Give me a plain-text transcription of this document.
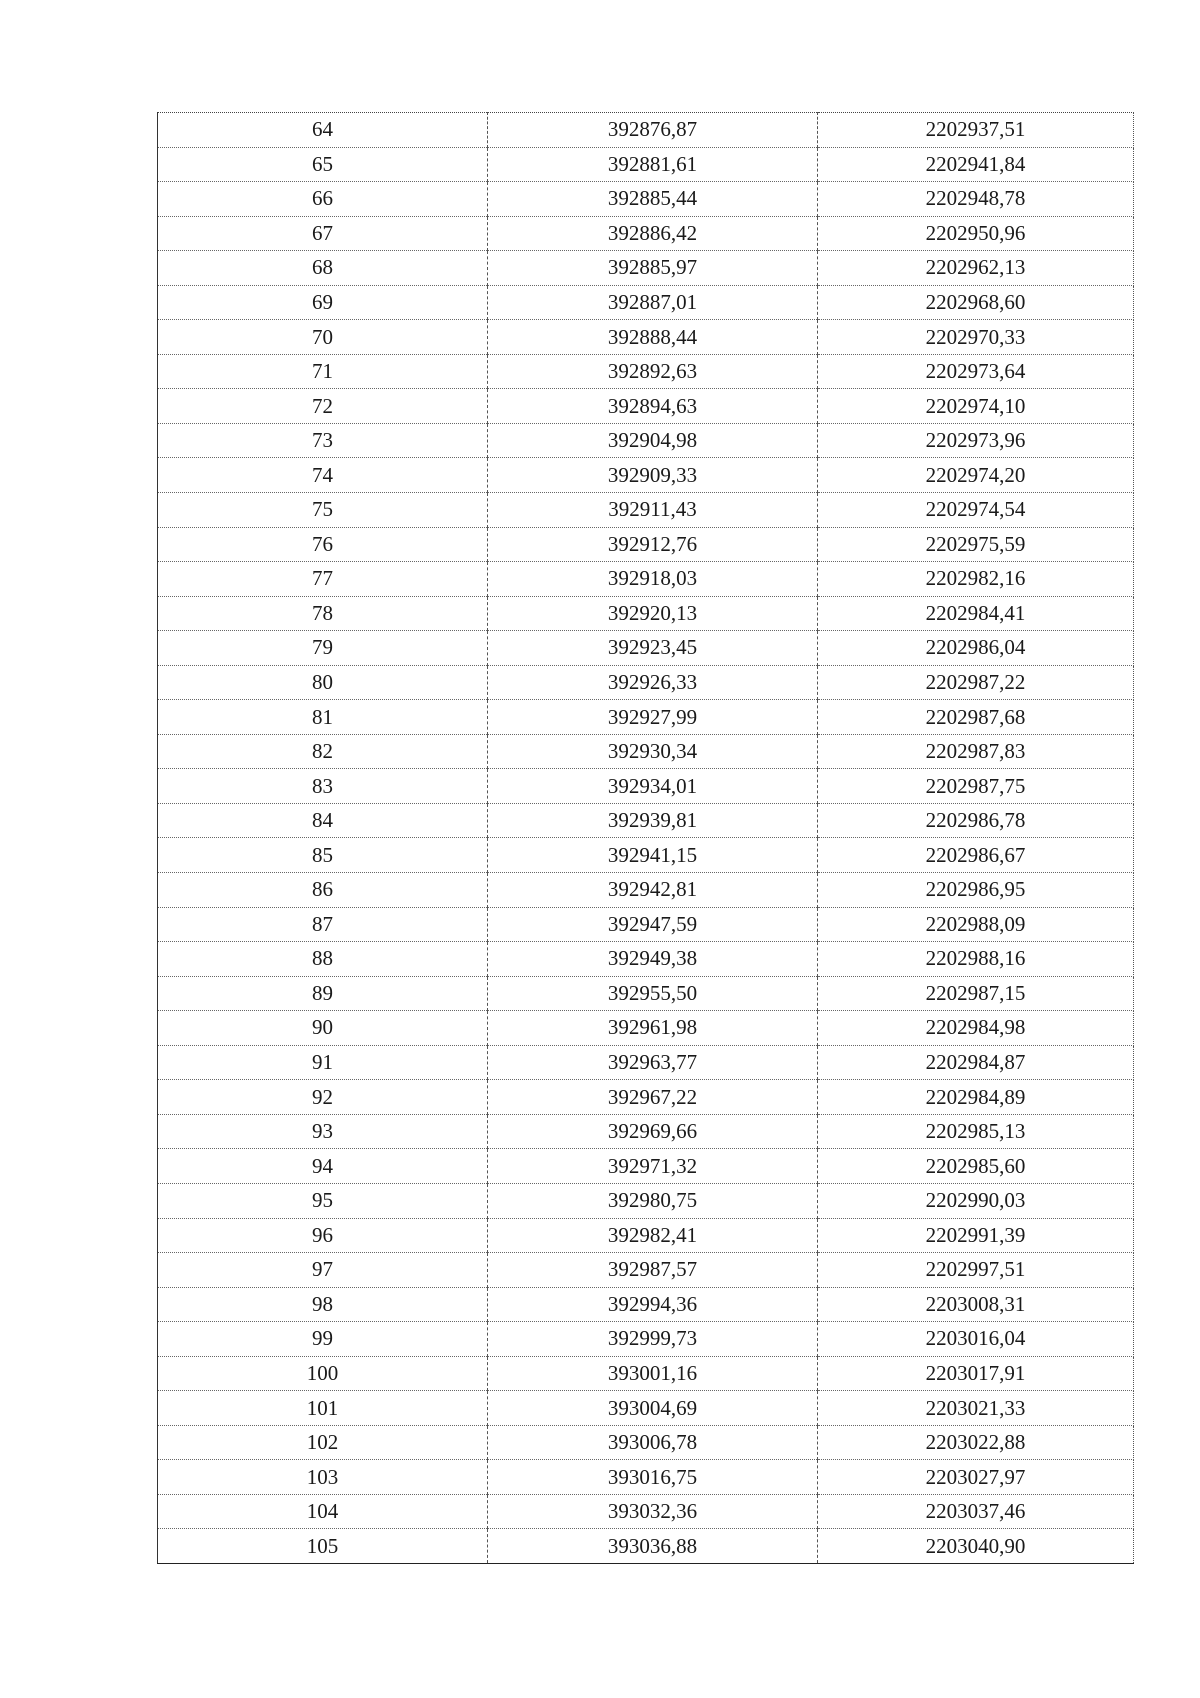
64	392876,87	2202937,51
65	392881,61	2202941,84
66	392885,44	2202948,78
67	392886,42	2202950,96
68	392885,97	2202962,13
69	392887,01	2202968,60
70	392888,44	2202970,33
71	392892,63	2202973,64
72	392894,63	2202974,10
73	392904,98	2202973,96
74	392909,33	2202974,20
75	392911,43	2202974,54
76	392912,76	2202975,59
77	392918,03	2202982,16
78	392920,13	2202984,41
79	392923,45	2202986,04
80	392926,33	2202987,22
81	392927,99	2202987,68
82	392930,34	2202987,83
83	392934,01	2202987,75
84	392939,81	2202986,78
85	392941,15	2202986,67
86	392942,81	2202986,95
87	392947,59	2202988,09
88	392949,38	2202988,16
89	392955,50	2202987,15
90	392961,98	2202984,98
91	392963,77	2202984,87
92	392967,22	2202984,89
93	392969,66	2202985,13
94	392971,32	2202985,60
95	392980,75	2202990,03
96	392982,41	2202991,39
97	392987,57	2202997,51
98	392994,36	2203008,31
99	392999,73	2203016,04
100	393001,16	2203017,91
101	393004,69	2203021,33
102	393006,78	2203022,88
103	393016,75	2203027,97
104	393032,36	2203037,46
105	393036,88	2203040,90
